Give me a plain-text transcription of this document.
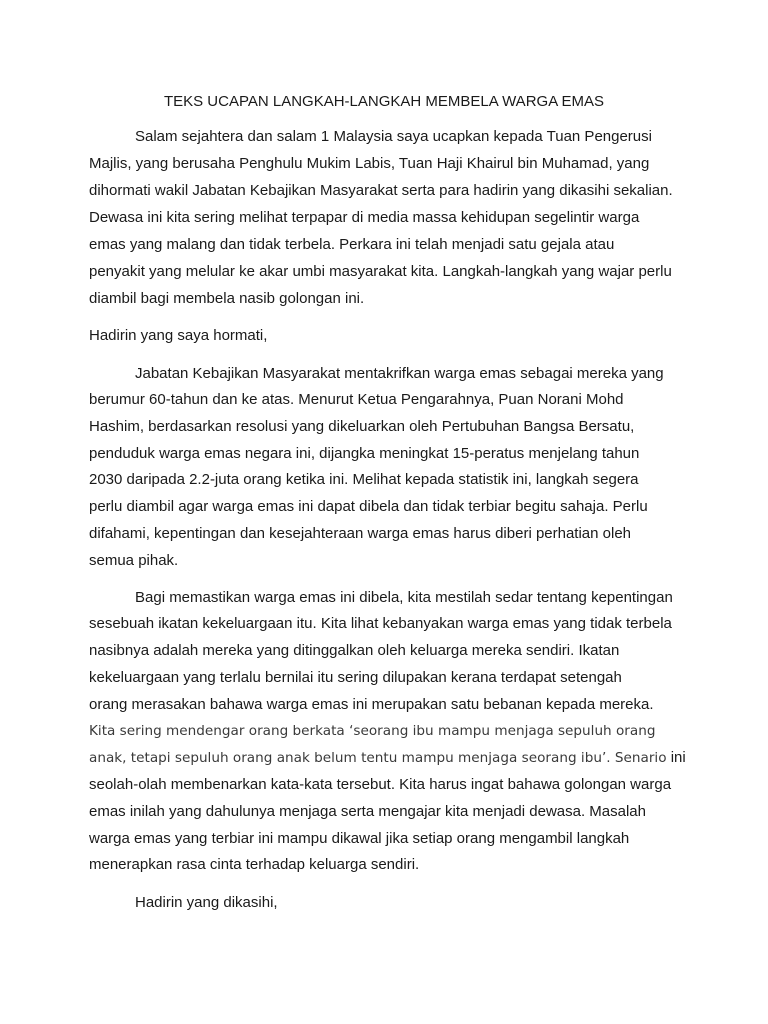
TEKS UCAPAN LANGKAH-LANGKAH MEMBELA WARGA EMAS
Salam sejahtera dan salam 1 Malaysia saya ucapkan kepada Tuan Pengerusi
Majlis, yang berusaha Penghulu Mukim Labis, Tuan Haji Khairul bin Muhamad, yang
dihormati wakil Jabatan Kebajikan Masyarakat serta para hadirin yang dikasihi sekalian.
Dewasa ini kita sering melihat terpapar di media massa kehidupan segelintir warga
emas yang malang dan tidak terbela. Perkara ini telah menjadi satu gejala atau
penyakit yang melular ke akar umbi masyarakat kita. Langkah-langkah yang wajar perlu
diambil bagi membela nasib golongan ini.
Hadirin yang saya hormati,
Jabatan Kebajikan Masyarakat mentakrifkan warga emas sebagai mereka yang
berumur 60-tahun dan ke atas. Menurut Ketua Pengarahnya, Puan Norani Mohd
Hashim, berdasarkan resolusi yang dikeluarkan oleh Pertubuhan Bangsa Bersatu,
penduduk warga emas negara ini, dijangka meningkat 15-peratus menjelang tahun
2030 daripada 2.2-juta orang ketika ini. Melihat kepada statistik ini, langkah segera
perlu diambil agar warga emas ini dapat dibela dan tidak terbiar begitu sahaja. Perlu
difahami, kepentingan dan kesejahteraan warga emas harus diberi perhatian oleh
semua pihak.
Bagi memastikan warga emas ini dibela, kita mestilah sedar tentang kepentingan
sesebuah ikatan kekeluargaan itu. Kita lihat kebanyakan warga emas yang tidak terbela
nasibnya adalah mereka yang ditinggalkan oleh keluarga mereka sendiri. Ikatan
kekeluargaan yang terlalu bernilai itu sering dilupakan kerana terdapat setengah
orang merasakan bahawa warga emas ini merupakan satu bebanan kepada mereka.
Kita sering mendengar orang berkata ‘seorang ibu mampu menjaga sepuluh orang
anak, tetapi sepuluh orang anak belum tentu mampu menjaga seorang ibu’. Senario ini
seolah-olah membenarkan kata-kata tersebut. Kita harus ingat bahawa golongan warga
emas inilah yang dahulunya menjaga serta mengajar kita menjadi dewasa. Masalah
warga emas yang terbiar ini mampu dikawal jika setiap orang mengambil langkah
menerapkan rasa cinta terhadap keluarga sendiri.
Hadirin yang dikasihi,
